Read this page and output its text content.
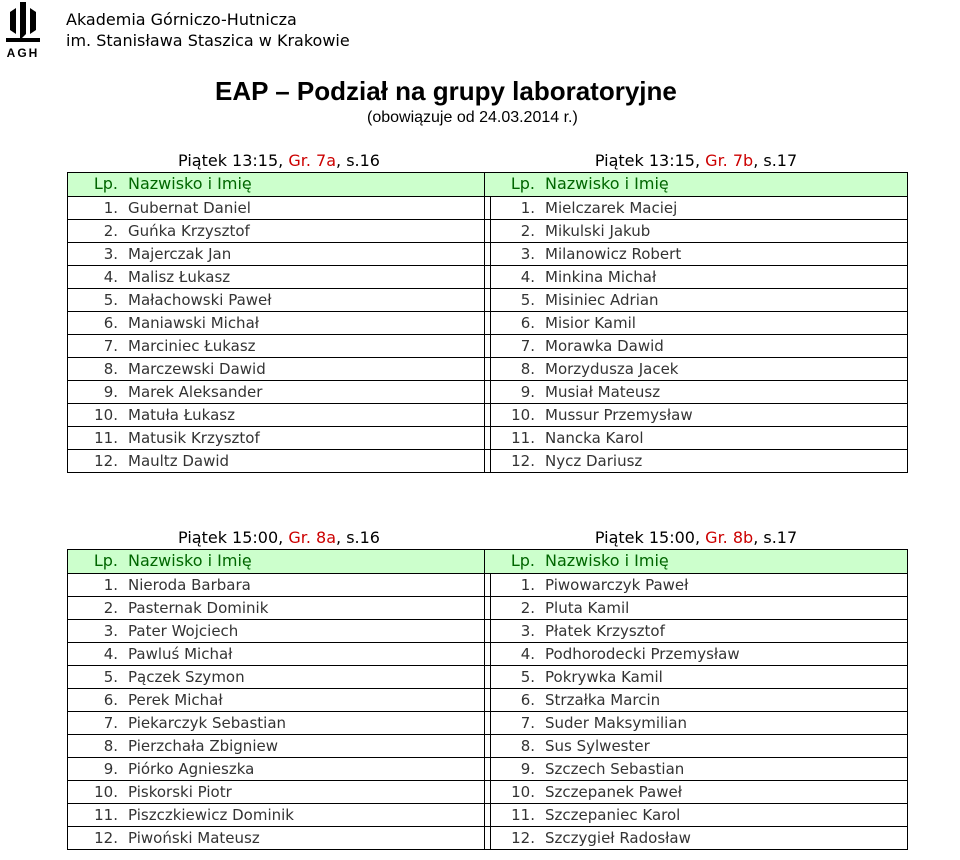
AGH
Akademia Górniczo-Hutnicza
im. Stanisława Staszica w Krakowie
EAP – Podział na grupy laboratoryjne
(obowiązuje od 24.03.2014 r.)
Piątek 13:15, Gr. 7a, s.16
Lp. Nazwisko i Imię
1. Gubernat Daniel
2. Guńka Krzysztof
3. Majerczak Jan
4. Malisz Łukasz
5. Małachowski Paweł
6. Maniawski Michał
7. Marciniec Łukasz
8. Marczewski Dawid
9. Marek Aleksander
10. Matuła Łukasz
11. Matusik Krzysztof
12. Maultz Dawid
Piątek 13:15, Gr. 7b, s.17
Lp. Nazwisko i Imię
1. Mielczarek Maciej
2. Mikulski Jakub
3. Milanowicz Robert
4. Minkina Michał
5. Misiniec Adrian
6. Misior Kamil
7. Morawka Dawid
8. Morzydusza Jacek
9. Musiał Mateusz
10. Mussur Przemysław
11. Nancka Karol
12. Nycz Dariusz
Piątek 15:00, Gr. 8a, s.16
Lp. Nazwisko i Imię
1. Nieroda Barbara
2. Pasternak Dominik
3. Pater Wojciech
4. Pawluś Michał
5. Pączek Szymon
6. Perek Michał
7. Piekarczyk Sebastian
8. Pierzchała Zbigniew
9. Piórko Agnieszka
10. Piskorski Piotr
11. Piszczkiewicz Dominik
12. Piwoński Mateusz
Piątek 15:00, Gr. 8b, s.17
Lp. Nazwisko i Imię
1. Piwowarczyk Paweł
2. Pluta Kamil
3. Płatek Krzysztof
4. Podhorodecki Przemysław
5. Pokrywka Kamil
6. Strzałka Marcin
7. Suder Maksymilian
8. Sus Sylwester
9. Szczech Sebastian
10. Szczepanek Paweł
11. Szczepaniec Karol
12. Szczygieł Radosław
